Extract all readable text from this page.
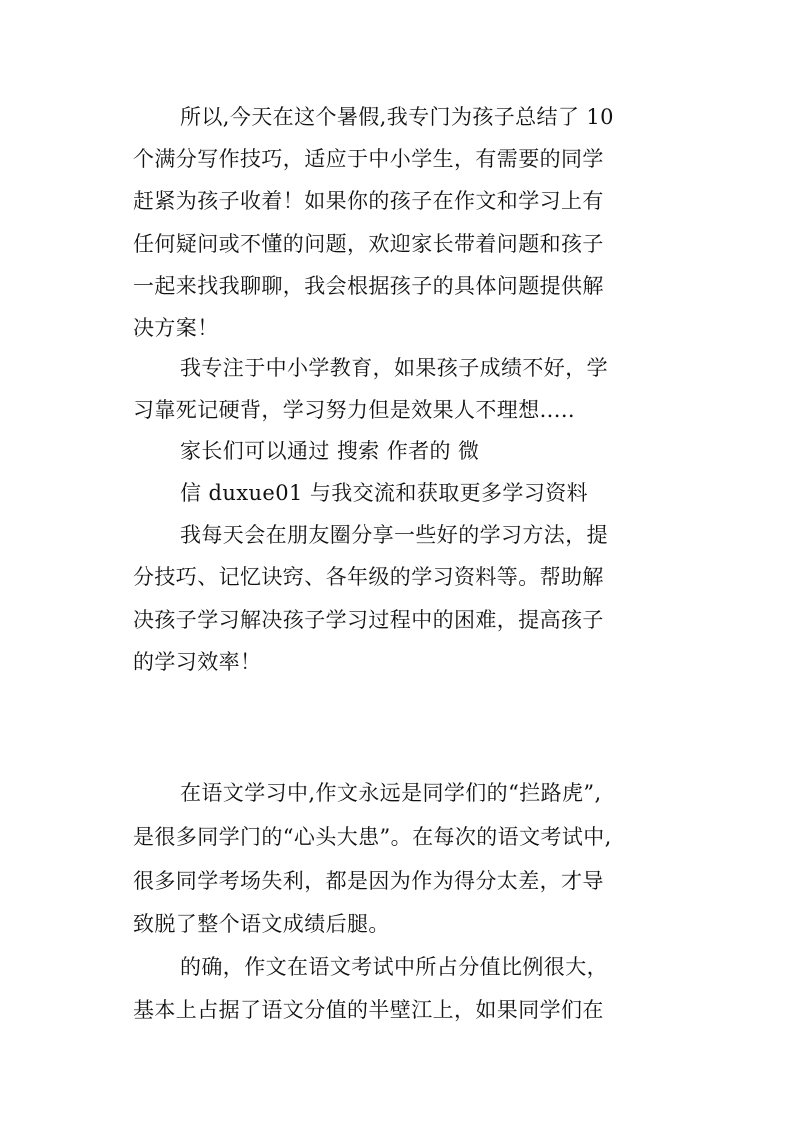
所以,今天在这个暑假,我专门为孩子总结了 10
个满分写作技巧，适应于中小学生，有需要的同学
赶紧为孩子收着！如果你的孩子在作文和学习上有
任何疑问或不懂的问题，欢迎家长带着问题和孩子
一起来找我聊聊，我会根据孩子的具体问题提供解
决方案！
我专注于中小学教育，如果孩子成绩不好，学
习靠死记硬背，学习努力但是效果人不理想.....
家长们可以通过 搜索 作者的 微
信 duxue01 与我交流和获取更多学习资料
我每天会在朋友圈分享一些好的学习方法，提
分技巧、记忆诀窍、各年级的学习资料等。帮助解
决孩子学习解决孩子学习过程中的困难，提高孩子
的学习效率！
在语文学习中,作文永远是同学们的“拦路虎”,
是很多同学门的“心头大患”。在每次的语文考试中,
很多同学考场失利，都是因为作为得分太差，才导
致脱了整个语文成绩后腿。
的确，作文在语文考试中所占分值比例很大，
基本上占据了语文分值的半壁江上，如果同学们在
